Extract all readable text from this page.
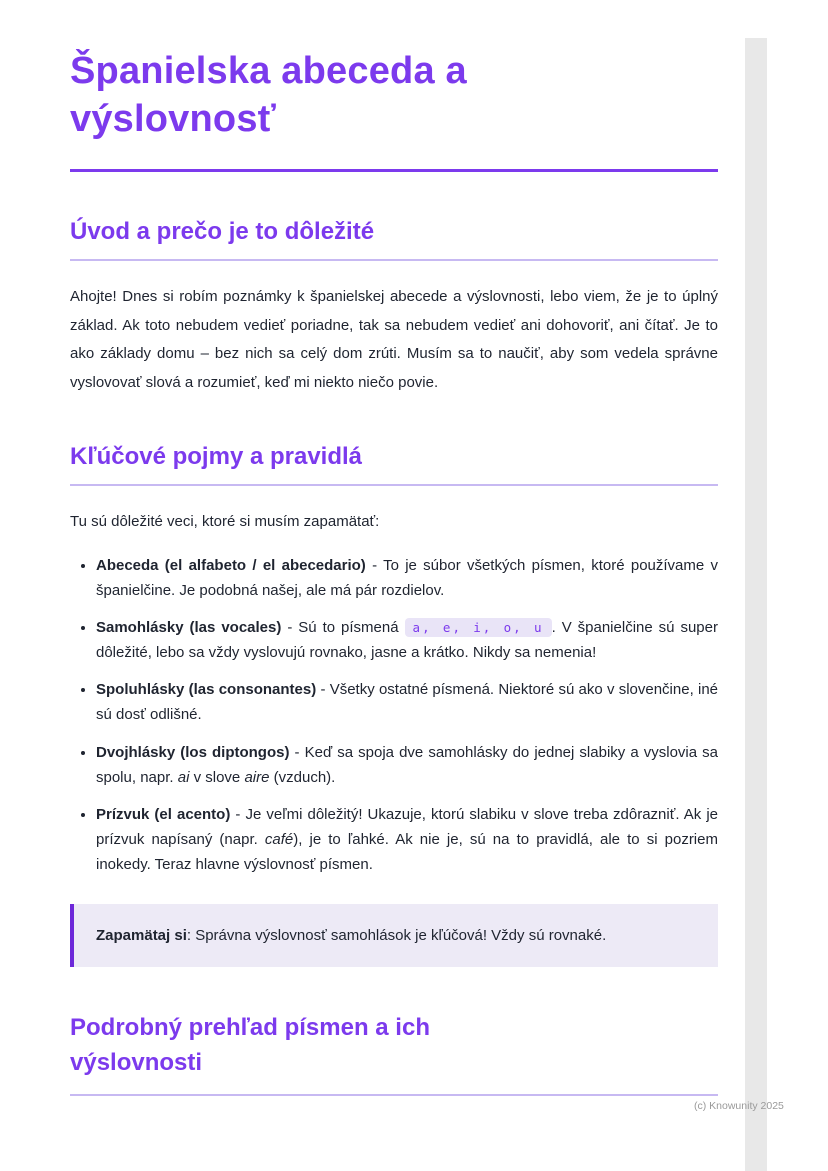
Španielska abeceda a výslovnosť
Úvod a prečo je to dôležité

Ahojte! Dnes si robím poznámky k španielskej abecede a výslovnosti, lebo viem, že je to úplný základ. Ak toto nebudem vedieť poriadne, tak sa nebudem vedieť ani dohovoriť, ani čítať. Je to ako základy domu – bez nich sa celý dom zrúti. Musím sa to naučiť, aby som vedela správne vyslovovať slová a rozumieť, keď mi niekto niečo povie.

Kľúčové pojmy a pravidlá

Tu sú dôležité veci, ktoré si musím zapamätať:

• Abeceda (el alfabeto / el abecedario) - To je súbor všetkých písmen, ktoré používame v španielčine. Je podobná našej, ale má pár rozdielov.
• Samohlásky (las vocales) - Sú to písmená a, e, i, o, u . V španielčine sú super dôležité, lebo sa vždy vyslovujú rovnako, jasne a krátko. Nikdy sa nemenia!
• Spoluhlásky (las consonantes) - Všetky ostatné písmená. Niektoré sú ako v slovenčine, iné sú dosť odlišné.
• Dvojhlásky (los diptongos) - Keď sa spoja dve samohlásky do jednej slabiky a vyslovia sa spolu, napr. ai v slove aire (vzduch).
• Prízvuk (el acento) - Je veľmi dôležitý! Ukazuje, ktorú slabiku v slove treba zdôrazniť. Ak je prízvuk napísaný (napr. café), je to ľahké. Ak nie je, sú na to pravidlá, ale to si pozriem inokedy. Teraz hlavne výslovnosť písmen.

Zapamätaj si: Správna výslovnosť samohlások je kľúčová! Vždy sú rovnaké.

Podrobný prehľad písmen a ich výslovnosti
(c) Knowunity 2025
